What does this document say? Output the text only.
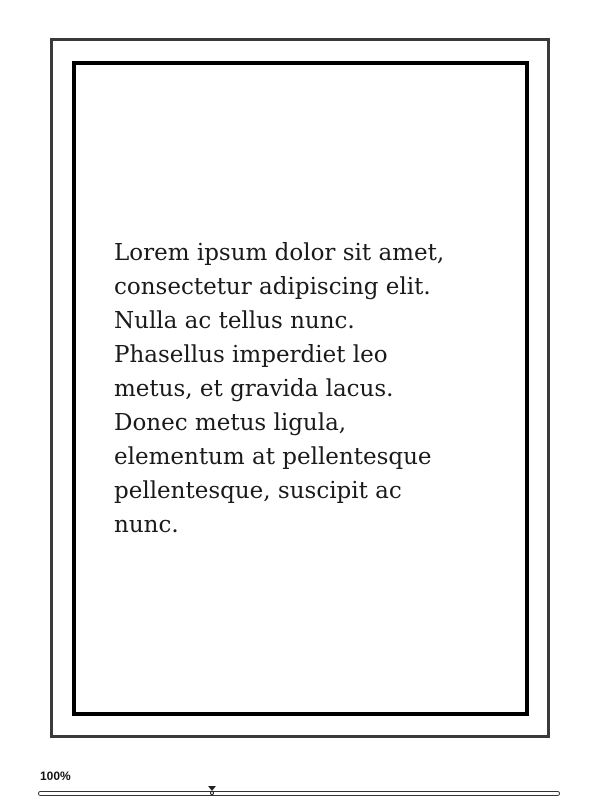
Lorem ipsum dolor sit amet,
consectetur adipiscing elit.
Nulla ac tellus nunc.
Phasellus imperdiet leo
metus, et gravida lacus.
Donec metus ligula,
elementum at pellentesque
pellentesque, suscipit ac
nunc.

100%
